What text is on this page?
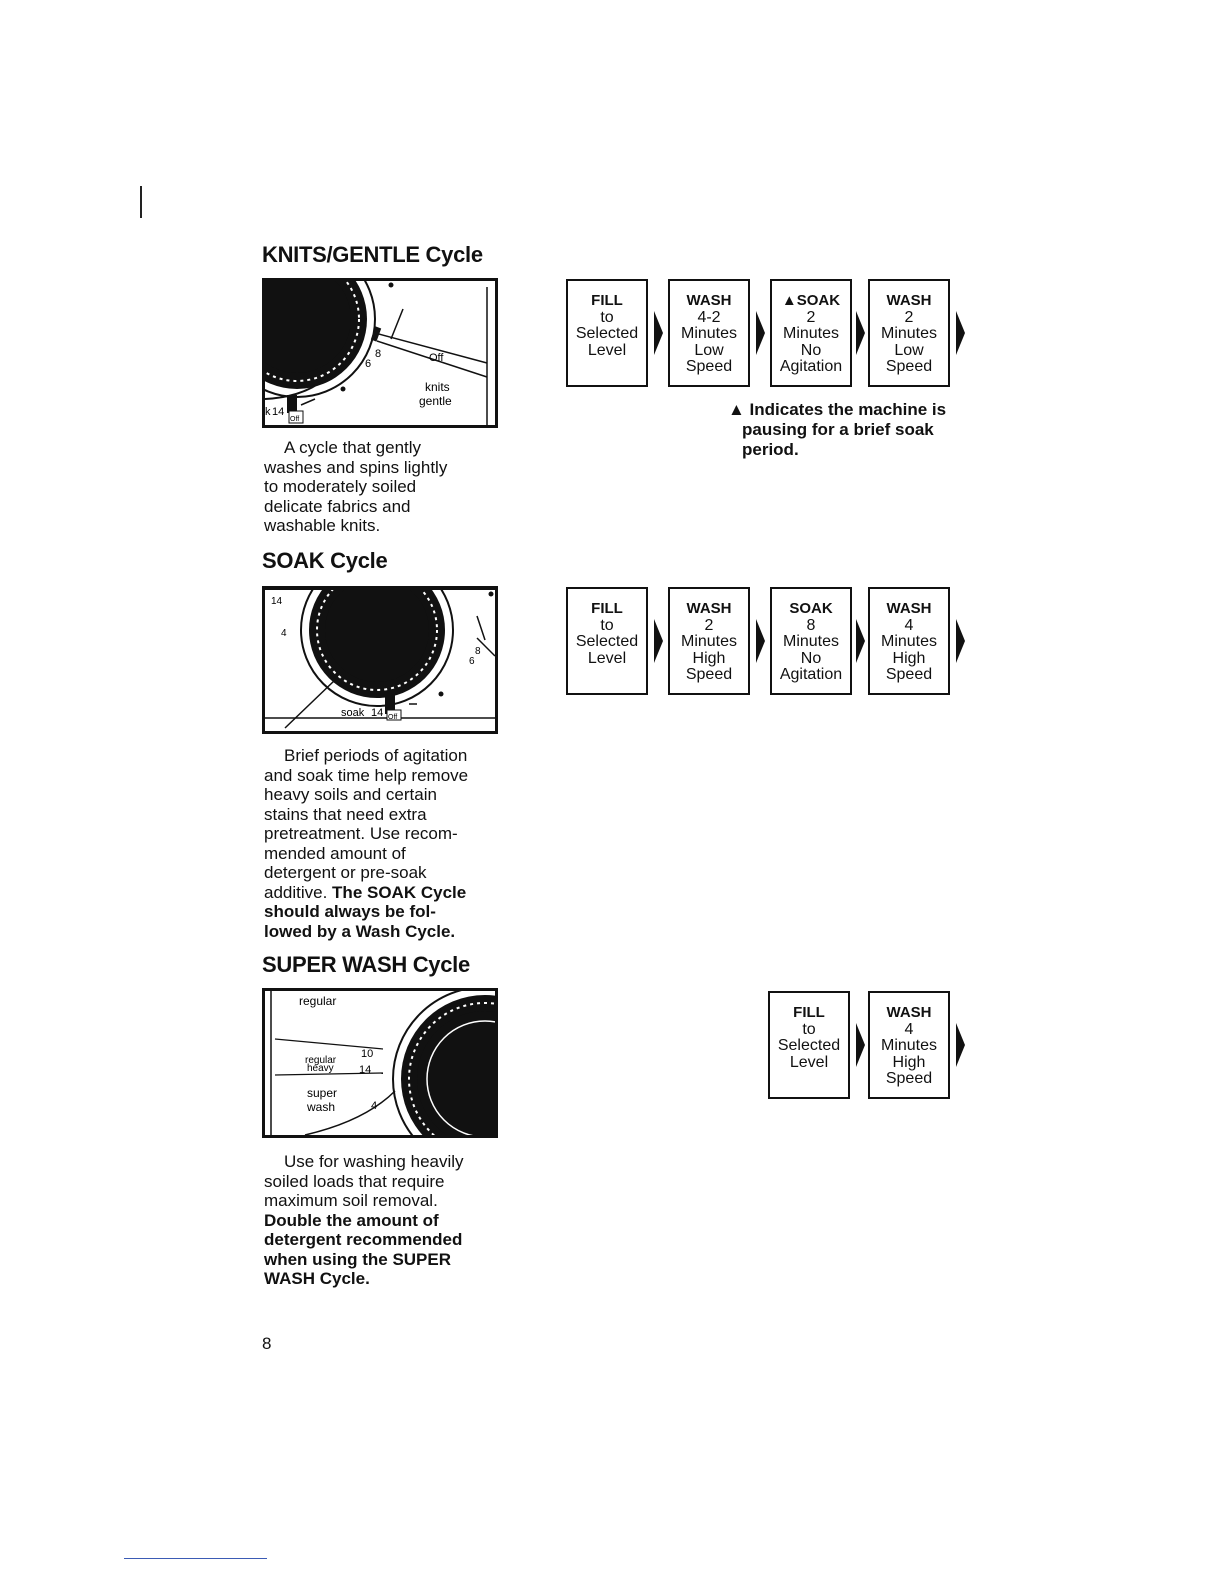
KNITS/GENTLE Cycle
8
6	Off
knits
gentle
k 14
Off

A cycle that gently
washes and spins lightly
to moderately soiled
delicate fabrics and
washable knits.

FILL
to
Selected
Level
WASH
4-2
Minutes
Low
Speed
▲SOAK
2
Minutes
No
Agitation
WASH
2
Minutes
Low
Speed
▲ Indicates the machine is
pausing for a brief soak
period.
SOAK Cycle
14
4
8
6
soak 14 Off

Brief periods of agitation
and soak time help remove
heavy soils and certain
stains that need extra
pretreatment. Use recom-
mended amount of
detergent or pre-soak
additive. The SOAK Cycle
should always be fol-
lowed by a Wash Cycle.

FILL
to
Selected
Level
WASH
2
Minutes
High
Speed
SOAK
8
Minutes
No
Agitation
WASH
4
Minutes
High
Speed
SUPER WASH Cycle
regular
regular
heavy
10
14
super
wash	4

Use for washing heavily
soiled loads that require
maximum soil removal.
Double the amount of
detergent recommended
when using the SUPER
WASH Cycle.

FILL
to
Selected
Level
WASH
4
Minutes
High
Speed
8
